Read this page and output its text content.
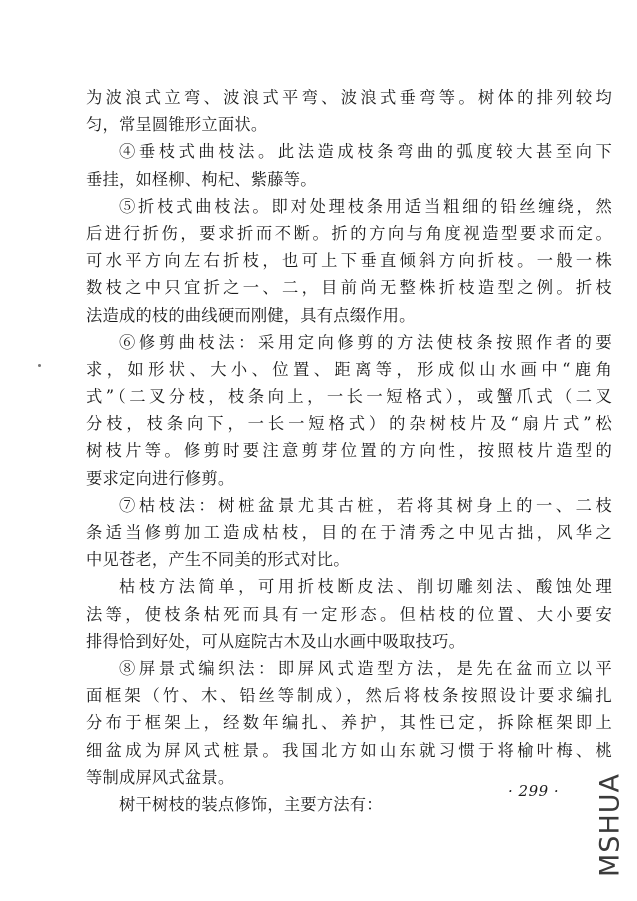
为波浪式立弯、波浪式平弯、波浪式垂弯等。树体的排列较均
匀，常呈圆锥形立面状。
④垂枝式曲枝法。此法造成枝条弯曲的弧度较大甚至向下
垂挂，如柽柳、枸杞、紫藤等。
⑤折枝式曲枝法。即对处理枝条用适当粗细的铅丝缠绕，然
后进行折伤，要求折而不断。折的方向与角度视造型要求而定。
可水平方向左右折枝，也可上下垂直倾斜方向折枝。一般一株
数枝之中只宜折之一、二，目前尚无整株折枝造型之例。折枝
法造成的枝的曲线硬而刚健，具有点缀作用。
⑥修剪曲枝法：采用定向修剪的方法使枝条按照作者的要
求，如形状、大小、位置、距离等，形成似山水画中“鹿角
式”（二叉分枝，枝条向上，一长一短格式），或蟹爪式（二叉
分枝，枝条向下，一长一短格式）的杂树枝片及“扇片式”松
树枝片等。修剪时要注意剪芽位置的方向性，按照枝片造型的
要求定向进行修剪。
⑦枯枝法：树桩盆景尤其古桩，若将其树身上的一、二枝
条适当修剪加工造成枯枝，目的在于清秀之中见古拙，风华之
中见苍老，产生不同美的形式对比。
枯枝方法简单，可用折枝断皮法、削切雕刻法、酸蚀处理
法等，使枝条枯死而具有一定形态。但枯枝的位置、大小要安
排得恰到好处，可从庭院古木及山水画中吸取技巧。
⑧屏景式编织法：即屏风式造型方法，是先在盆而立以平
面框架（竹、木、铅丝等制成），然后将枝条按照设计要求编扎
分布于框架上，经数年编扎、养护，其性已定，拆除框架即上
细盆成为屏风式桩景。我国北方如山东就习惯于将榆叶梅、桃
等制成屏风式盆景。
树干树枝的装点修饰，主要方法有：
· 299 · MSHUA
